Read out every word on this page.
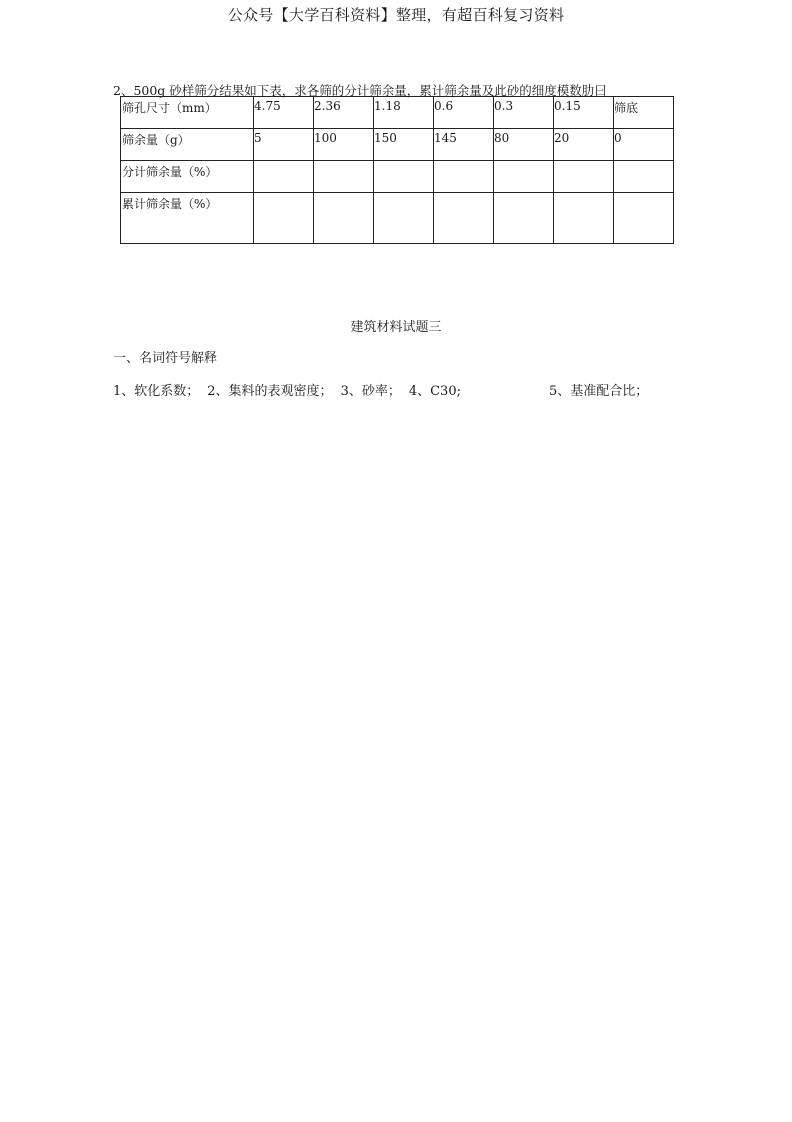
公众号【大学百科资料】整理，有超百科复习资料
2、500g 砂样筛分结果如下表，求各筛的分计筛余量，累计筛余量及此砂的细度模数肋曰
筛孔尺寸（mm）	4.75	2.36	1.18	0.6	0.3	0.15	筛底
筛余量（g）	5	100	150	145	80	20	0
分计筛余量（%）							
累计筛余量（%）							
建筑材料试题三
一、名词符号解释
1、软化系数； 2、集料的表观密度； 3、砂率； 4、C30;	5、基准配合比；
